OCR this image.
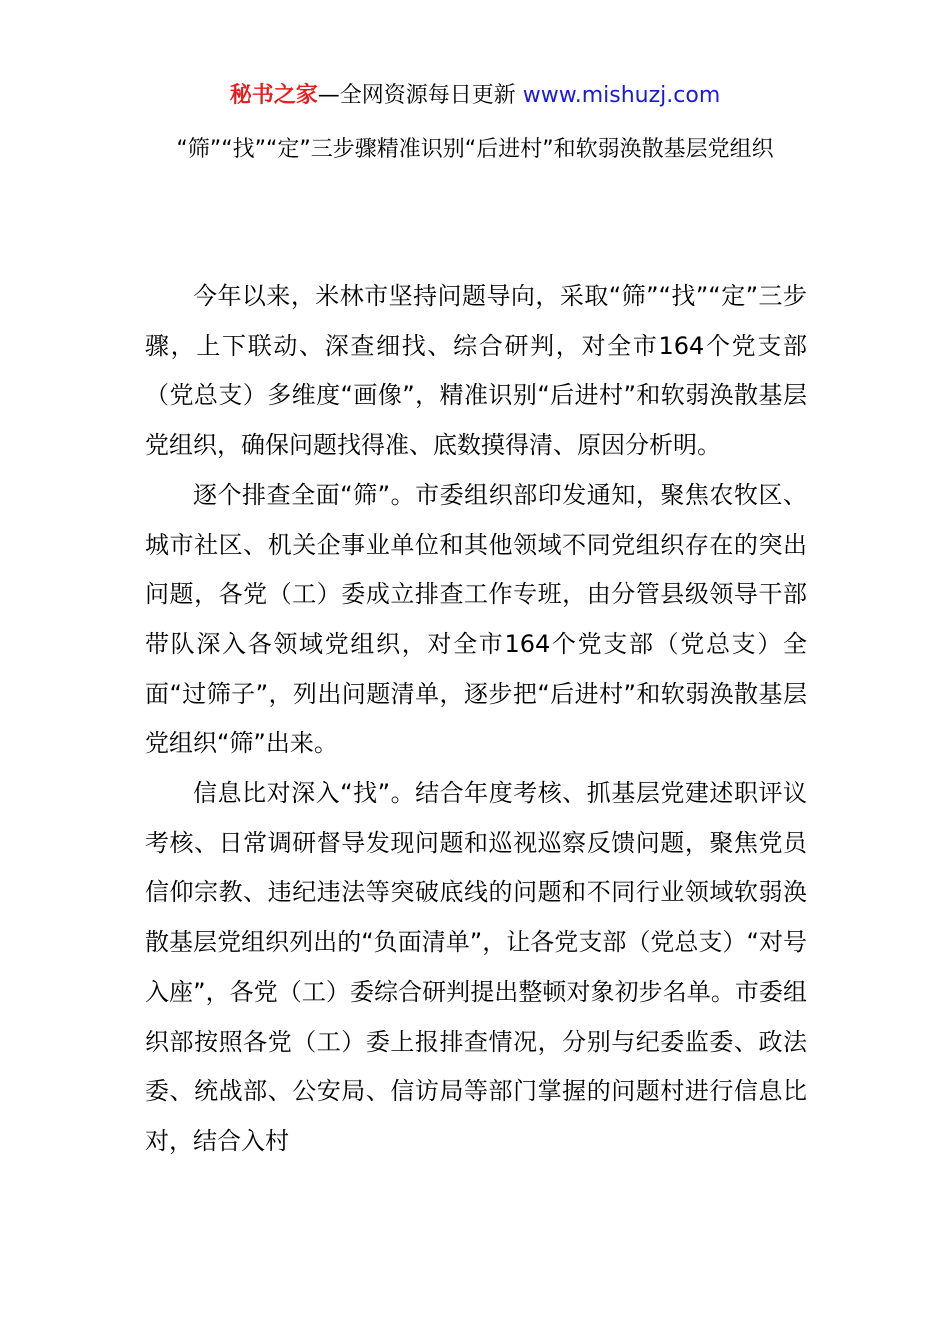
秘书之家—全网资源每日更新 www.mishuzj.com
“筛”“找”“定”三步骤精准识别“后进村”和软弱涣散基层党组织

今年以来，米林市坚持问题导向，采取“筛”“找”“定”三步骤，上下联动、深查细找、综合研判，对全市164个党支部（党总支）多维度“画像”，精准识别“后进村”和软弱涣散基层党组织，确保问题找得准、底数摸得清、原因分析明。

逐个排查全面“筛”。市委组织部印发通知，聚焦农牧区、城市社区、机关企事业单位和其他领域不同党组织存在的突出问题，各党（工）委成立排查工作专班，由分管县级领导干部带队深入各领域党组织，对全市164个党支部（党总支）全面“过筛子”，列出问题清单，逐步把“后进村”和软弱涣散基层党组织“筛”出来。

信息比对深入“找”。结合年度考核、抓基层党建述职评议考核、日常调研督导发现问题和巡视巡察反馈问题，聚焦党员信仰宗教、违纪违法等突破底线的问题和不同行业领域软弱涣散基层党组织列出的“负面清单”，让各党支部（党总支）“对号入座”，各党（工）委综合研判提出整顿对象初步名单。市委组织部按照各党（工）委上报排查情况，分别与纪委监委、政法委、统战部、公安局、信访局等部门掌握的问题村进行信息比对，结合入村
